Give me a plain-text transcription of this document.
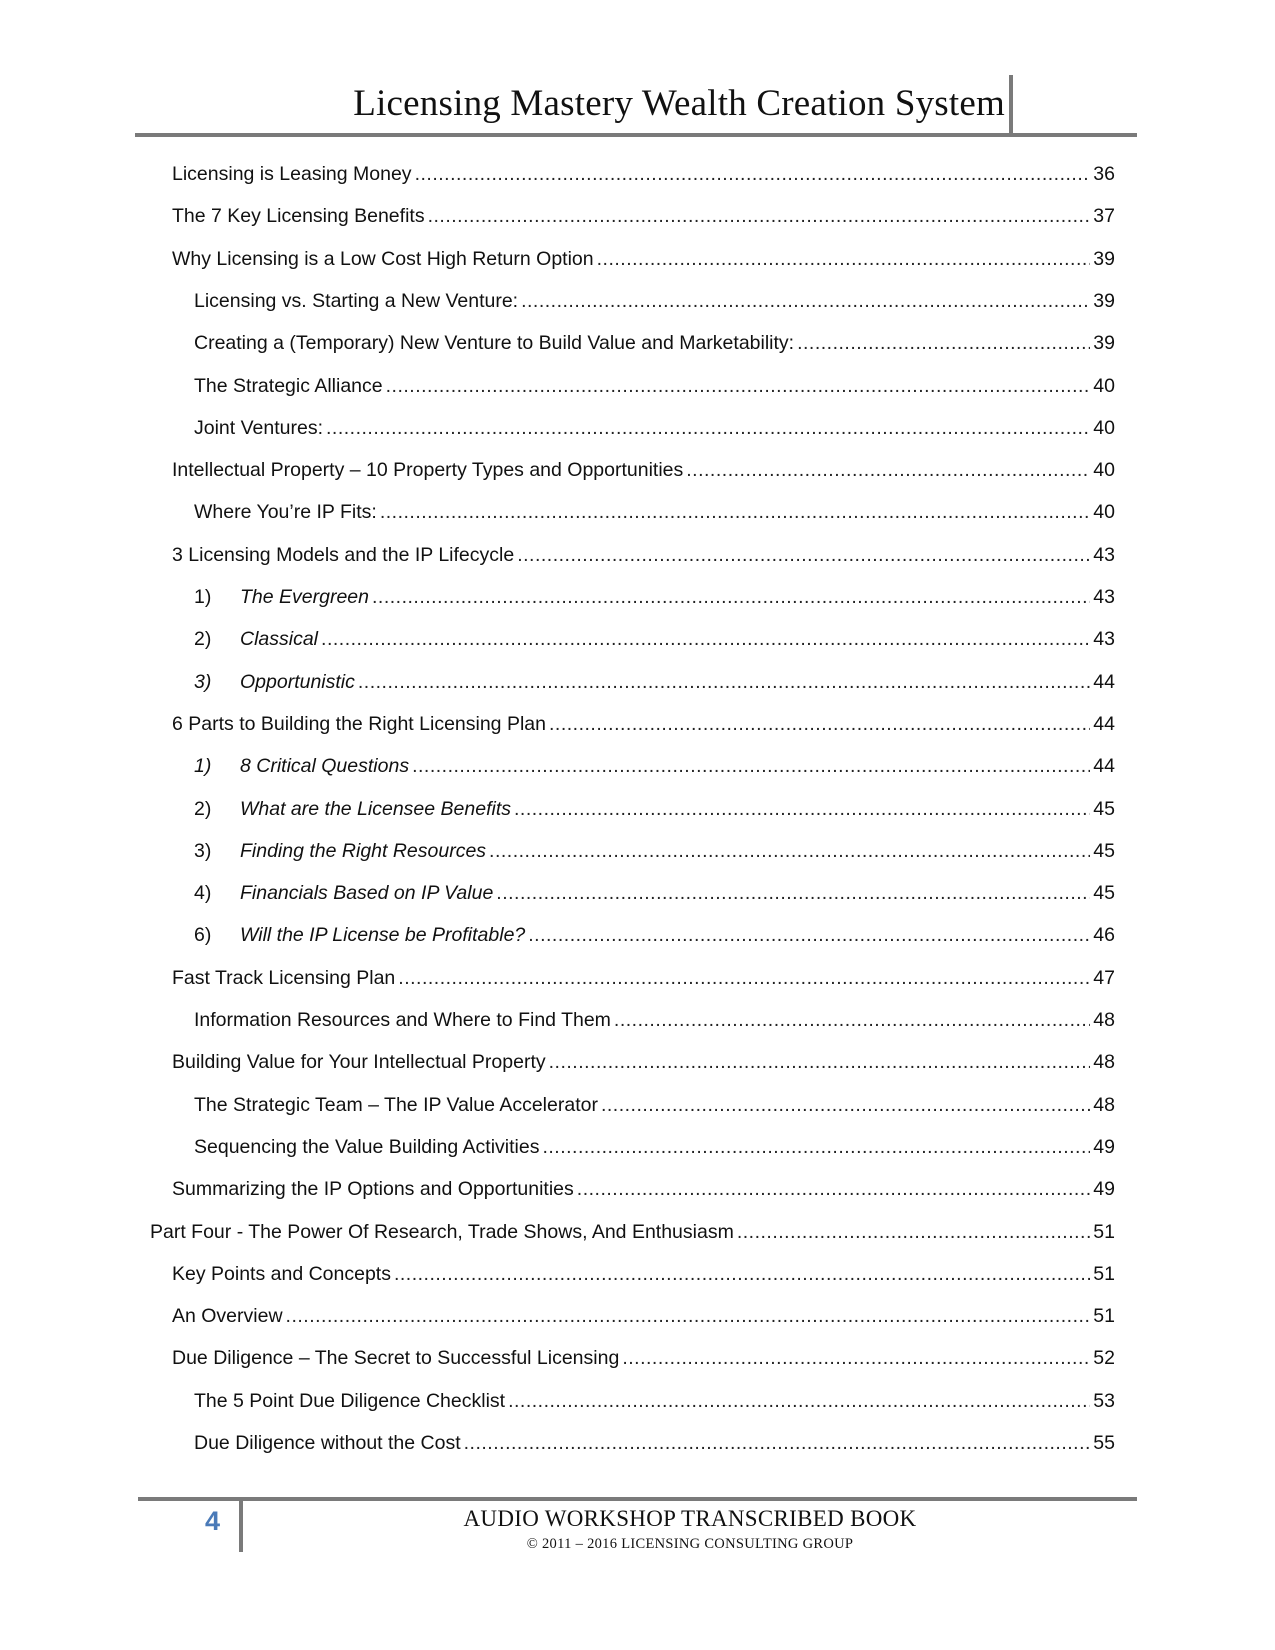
Licensing Mastery Wealth Creation System
Licensing is Leasing Money .....	36
The 7 Key Licensing Benefits .....	37
Why Licensing is a Low Cost High Return Option .....	39
Licensing vs. Starting a New Venture: .....	39
Creating a (Temporary) New Venture to Build Value and Marketability: .....	39
The Strategic Alliance .....	40
Joint Ventures: .....	40
Intellectual Property – 10 Property Types and Opportunities .....	40
Where You’re IP Fits: .....	40
3 Licensing Models and the IP Lifecycle .....	43
1)	The Evergreen .....	43
2)	Classical .....	43
3)	Opportunistic .....	44
6 Parts to Building the Right Licensing Plan .....	44
1)	8 Critical Questions .....	44
2)	What are the Licensee Benefits .....	45
3)	Finding the Right Resources .....	45
4)	Financials Based on IP Value .....	45
6)	Will the IP License be Profitable? .....	46
Fast Track Licensing Plan .....	47
Information Resources and Where to Find Them .....	48
Building Value for Your Intellectual Property .....	48
The Strategic Team – The IP Value Accelerator .....	48
Sequencing the Value Building Activities .....	49
Summarizing the IP Options and Opportunities .....	49
Part Four - The Power Of Research, Trade Shows, And Enthusiasm .....	51
Key Points and Concepts .....	51
An Overview .....	51
Due Diligence – The Secret to Successful Licensing .....	52
The 5 Point Due Diligence Checklist .....	53
Due Diligence without the Cost .....	55
4	AUDIO WORKSHOP TRANSCRIBED BOOK
© 2011 – 2016 LICENSING CONSULTING GROUP
